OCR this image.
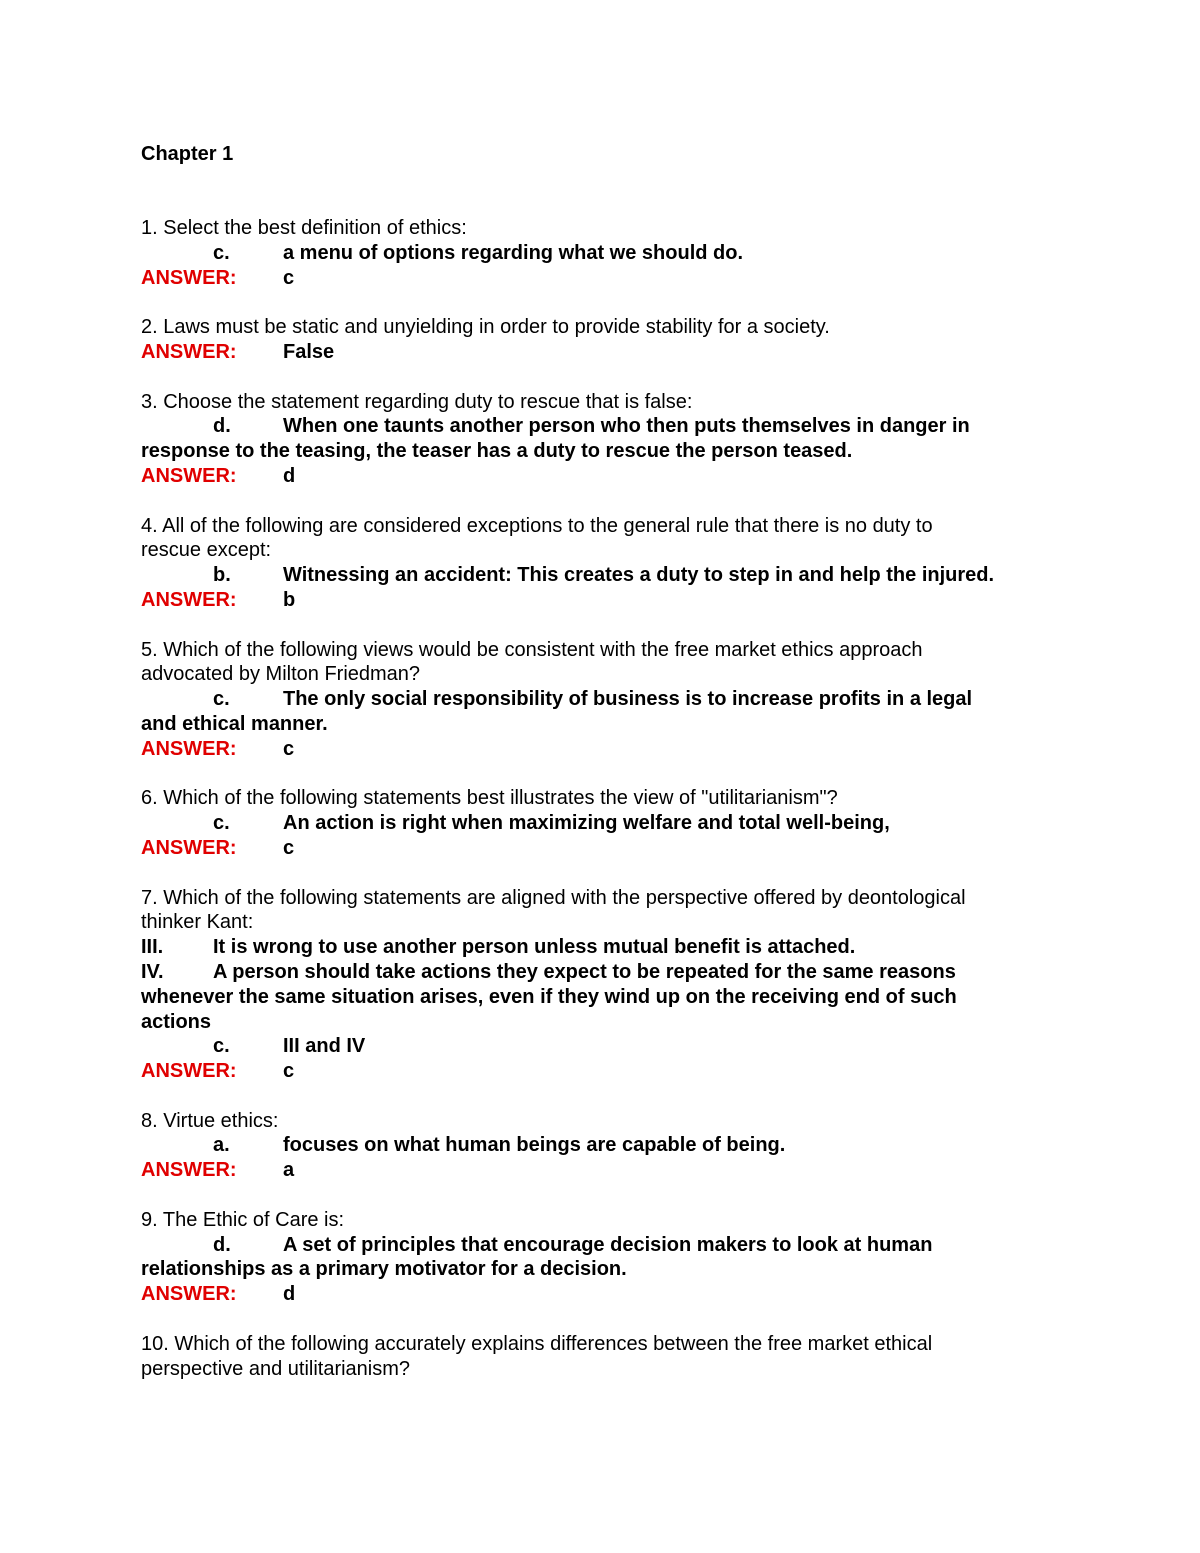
Chapter 1
1. Select the best definition of ethics:
c.	a menu of options regarding what we should do.
ANSWER: c
2. Laws must be static and unyielding in order to provide stability for a society.
ANSWER: False
3. Choose the statement regarding duty to rescue that is false:
d.	When one taunts another person who then puts themselves in danger in
response to the teasing, the teaser has a duty to rescue the person teased.
ANSWER: d
4. All of the following are considered exceptions to the general rule that there is no duty to
rescue except:
b.	Witnessing an accident: This creates a duty to step in and help the injured.
ANSWER: b
5. Which of the following views would be consistent with the free market ethics approach
advocated by Milton Friedman?
c.	The only social responsibility of business is to increase profits in a legal
and ethical manner.
ANSWER: c
6. Which of the following statements best illustrates the view of "utilitarianism"?
c.	An action is right when maximizing welfare and total well-being,
ANSWER: c
7. Which of the following statements are aligned with the perspective offered by deontological
thinker Kant:
III. It is wrong to use another person unless mutual benefit is attached.
IV. A person should take actions they expect to be repeated for the same reasons
whenever the same situation arises, even if they wind up on the receiving end of such
actions
c.	III and IV
ANSWER: c
8. Virtue ethics:
a.	focuses on what human beings are capable of being.
ANSWER: a
9. The Ethic of Care is:
d.	A set of principles that encourage decision makers to look at human
relationships as a primary motivator for a decision.
ANSWER: d
10. Which of the following accurately explains differences between the free market ethical
perspective and utilitarianism?
